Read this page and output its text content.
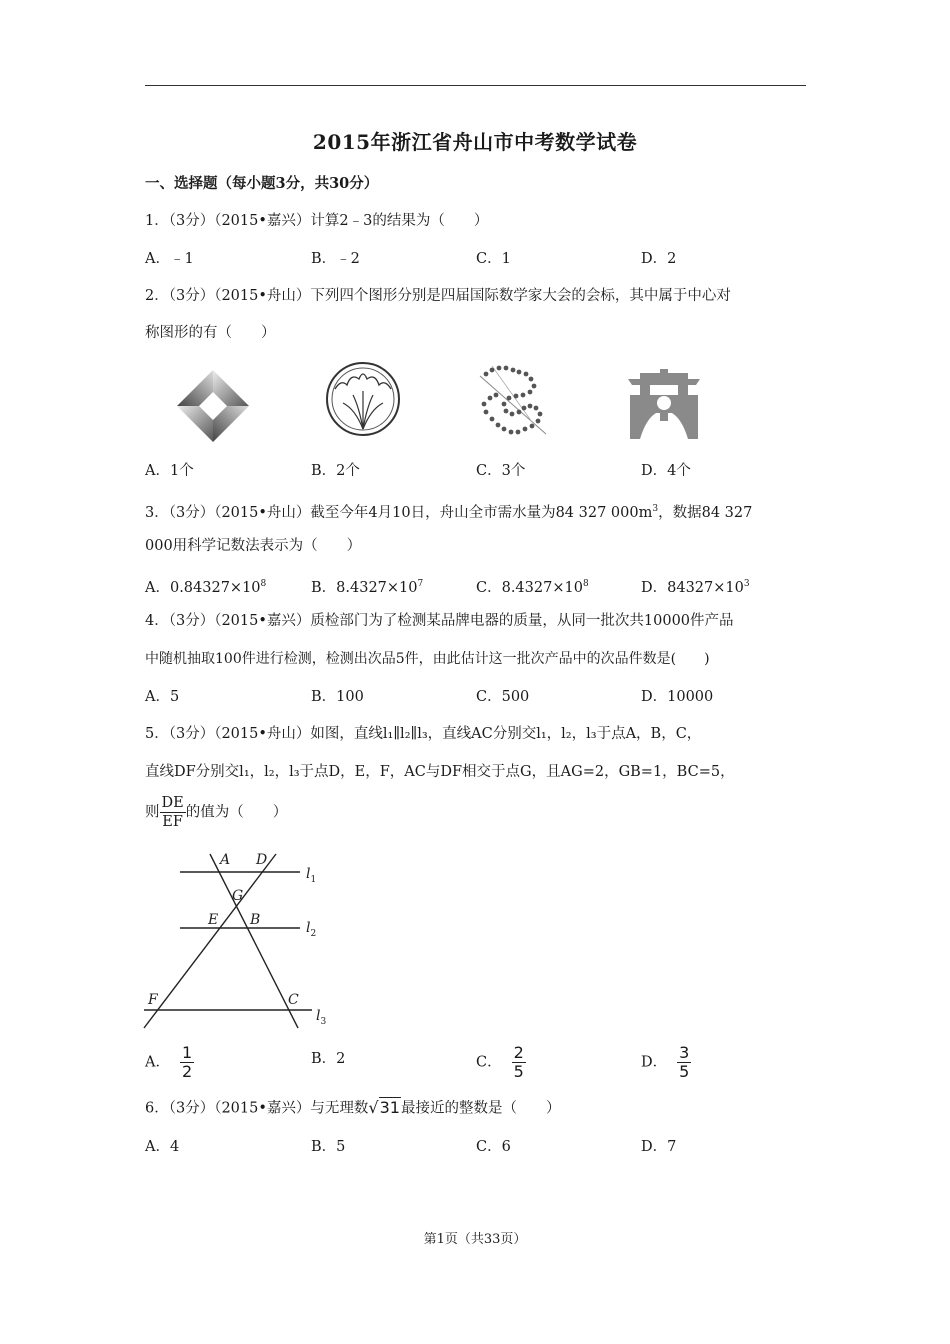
2015年浙江省舟山市中考数学试卷
一、选择题（每小题3分，共30分）
1．（3分）（2015•嘉兴）计算2﹣3的结果为（　　）
A．﹣1	B．﹣2	C．1	D．2
2．（3分）（2015•舟山）下列四个图形分别是四届国际数学家大会的会标，其中属于中心对
称图形的有（　　）
A．1个	B．2个	C．3个	D．4个
3．（3分）（2015•舟山）截至今年4月10日，舟山全市需水量为84 327 $000m^3$，数据84 327
000用科学记数法表示为（　　）
A．$0.84327\times 10^8$	B．$8.4327\times 10^7$	C．$8.4327\times 10^8$	D．$84327\times 10^3$
4．（3分）（2015•嘉兴）质检部门为了检测某品牌电器的质量，从同一批次共10000件产品
中随机抽取100件进行检测，检测出次品5件，由此估计这一批次产品中的次品件数是(　　)
A．5	B．100	C．500	D．10000
5．（3分）（2015•舟山）如图，直线l₁∥l₂∥l₃，直线AC分别交l₁，l₂，l₃于点A，B，C，
直线DF分别交l₁，l₂，l₃于点D，E，F，AC与DF相交于点G，且AG=2，GB=1，BC=5，
则 $\frac{DE}{EF}$ 的值为（　　）
A D
G
E B
F	C
$l_1$
$l_2$
$l_3$
A． $\frac{1}{2}$	B．2	C． $\frac{2}{5}$	D． $\frac{3}{5}$
6．（3分）（2015•嘉兴）与无理数√31最接近的整数是（　　）
A．4	B．5	C．6	D．7
第1页（共33页）
